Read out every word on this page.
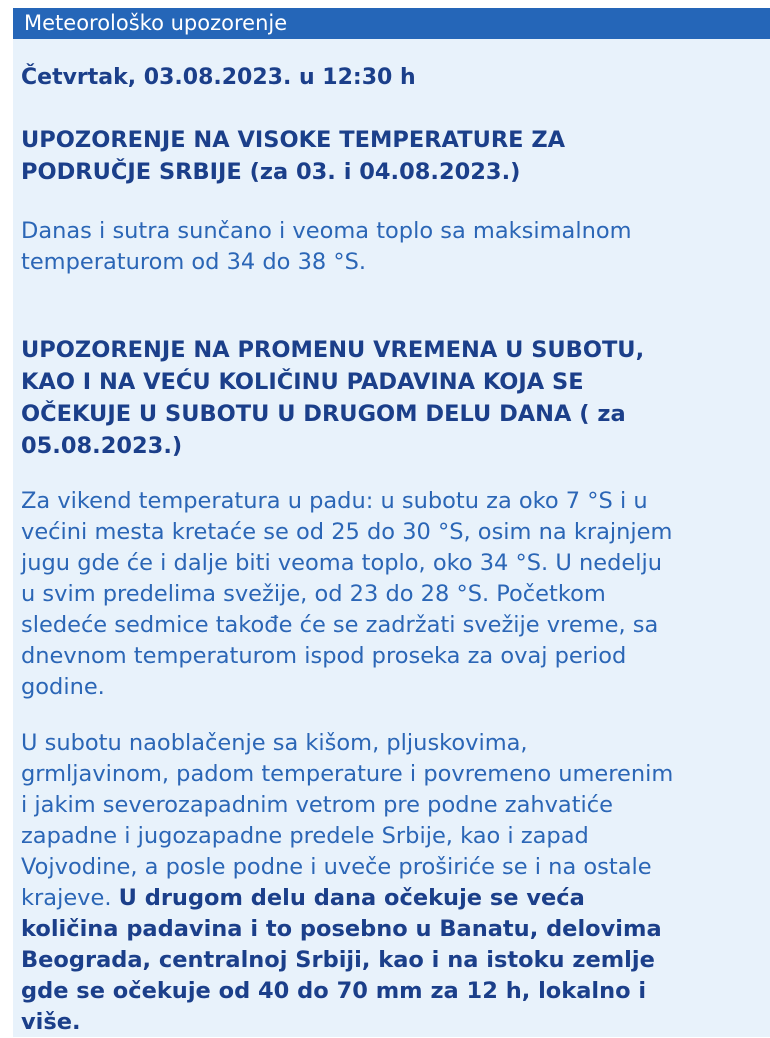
Meteorološko upozorenje
Četvrtak, 03.08.2023. u 12:30 h
UPOZORENJE NA VISOKE TEMPERATURE ZA
PODRUČJE SRBIJE (za 03. i 04.08.2023.)
Danas i sutra sunčano i veoma toplo sa maksimalnom
temperaturom od 34 do 38 °S.
UPOZORENJE NA PROMENU VREMENA U SUBOTU,
KAO I NA VEĆU KOLIČINU PADAVINA KOJA SE
OČEKUJE U SUBOTU U DRUGOM DELU DANA ( za
05.08.2023.)
Za vikend temperatura u padu: u subotu za oko 7 °S i u
većini mesta kretaće se od 25 do 30 °S, osim na krajnjem
jugu gde će i dalje biti veoma toplo, oko 34 °S. U nedelju
u svim predelima svežije, od 23 do 28 °S. Početkom
sledeće sedmice takođe će se zadržati svežije vreme, sa
dnevnom temperaturom ispod proseka za ovaj period
godine.
U subotu naoblačenje sa kišom, pljuskovima,
grmljavinom, padom temperature i povremeno umerenim
i jakim severozapadnim vetrom pre podne zahvatiće
zapadne i jugozapadne predele Srbije, kao i zapad
Vojvodine, a posle podne i uveče proširiće se i na ostale
krajeve. U drugom delu dana očekuje se veća
količina padavina i to posebno u Banatu, delovima
Beograda, centralnoj Srbiji, kao i na istoku zemlje
gde se očekuje od 40 do 70 mm za 12 h, lokalno i
više.
